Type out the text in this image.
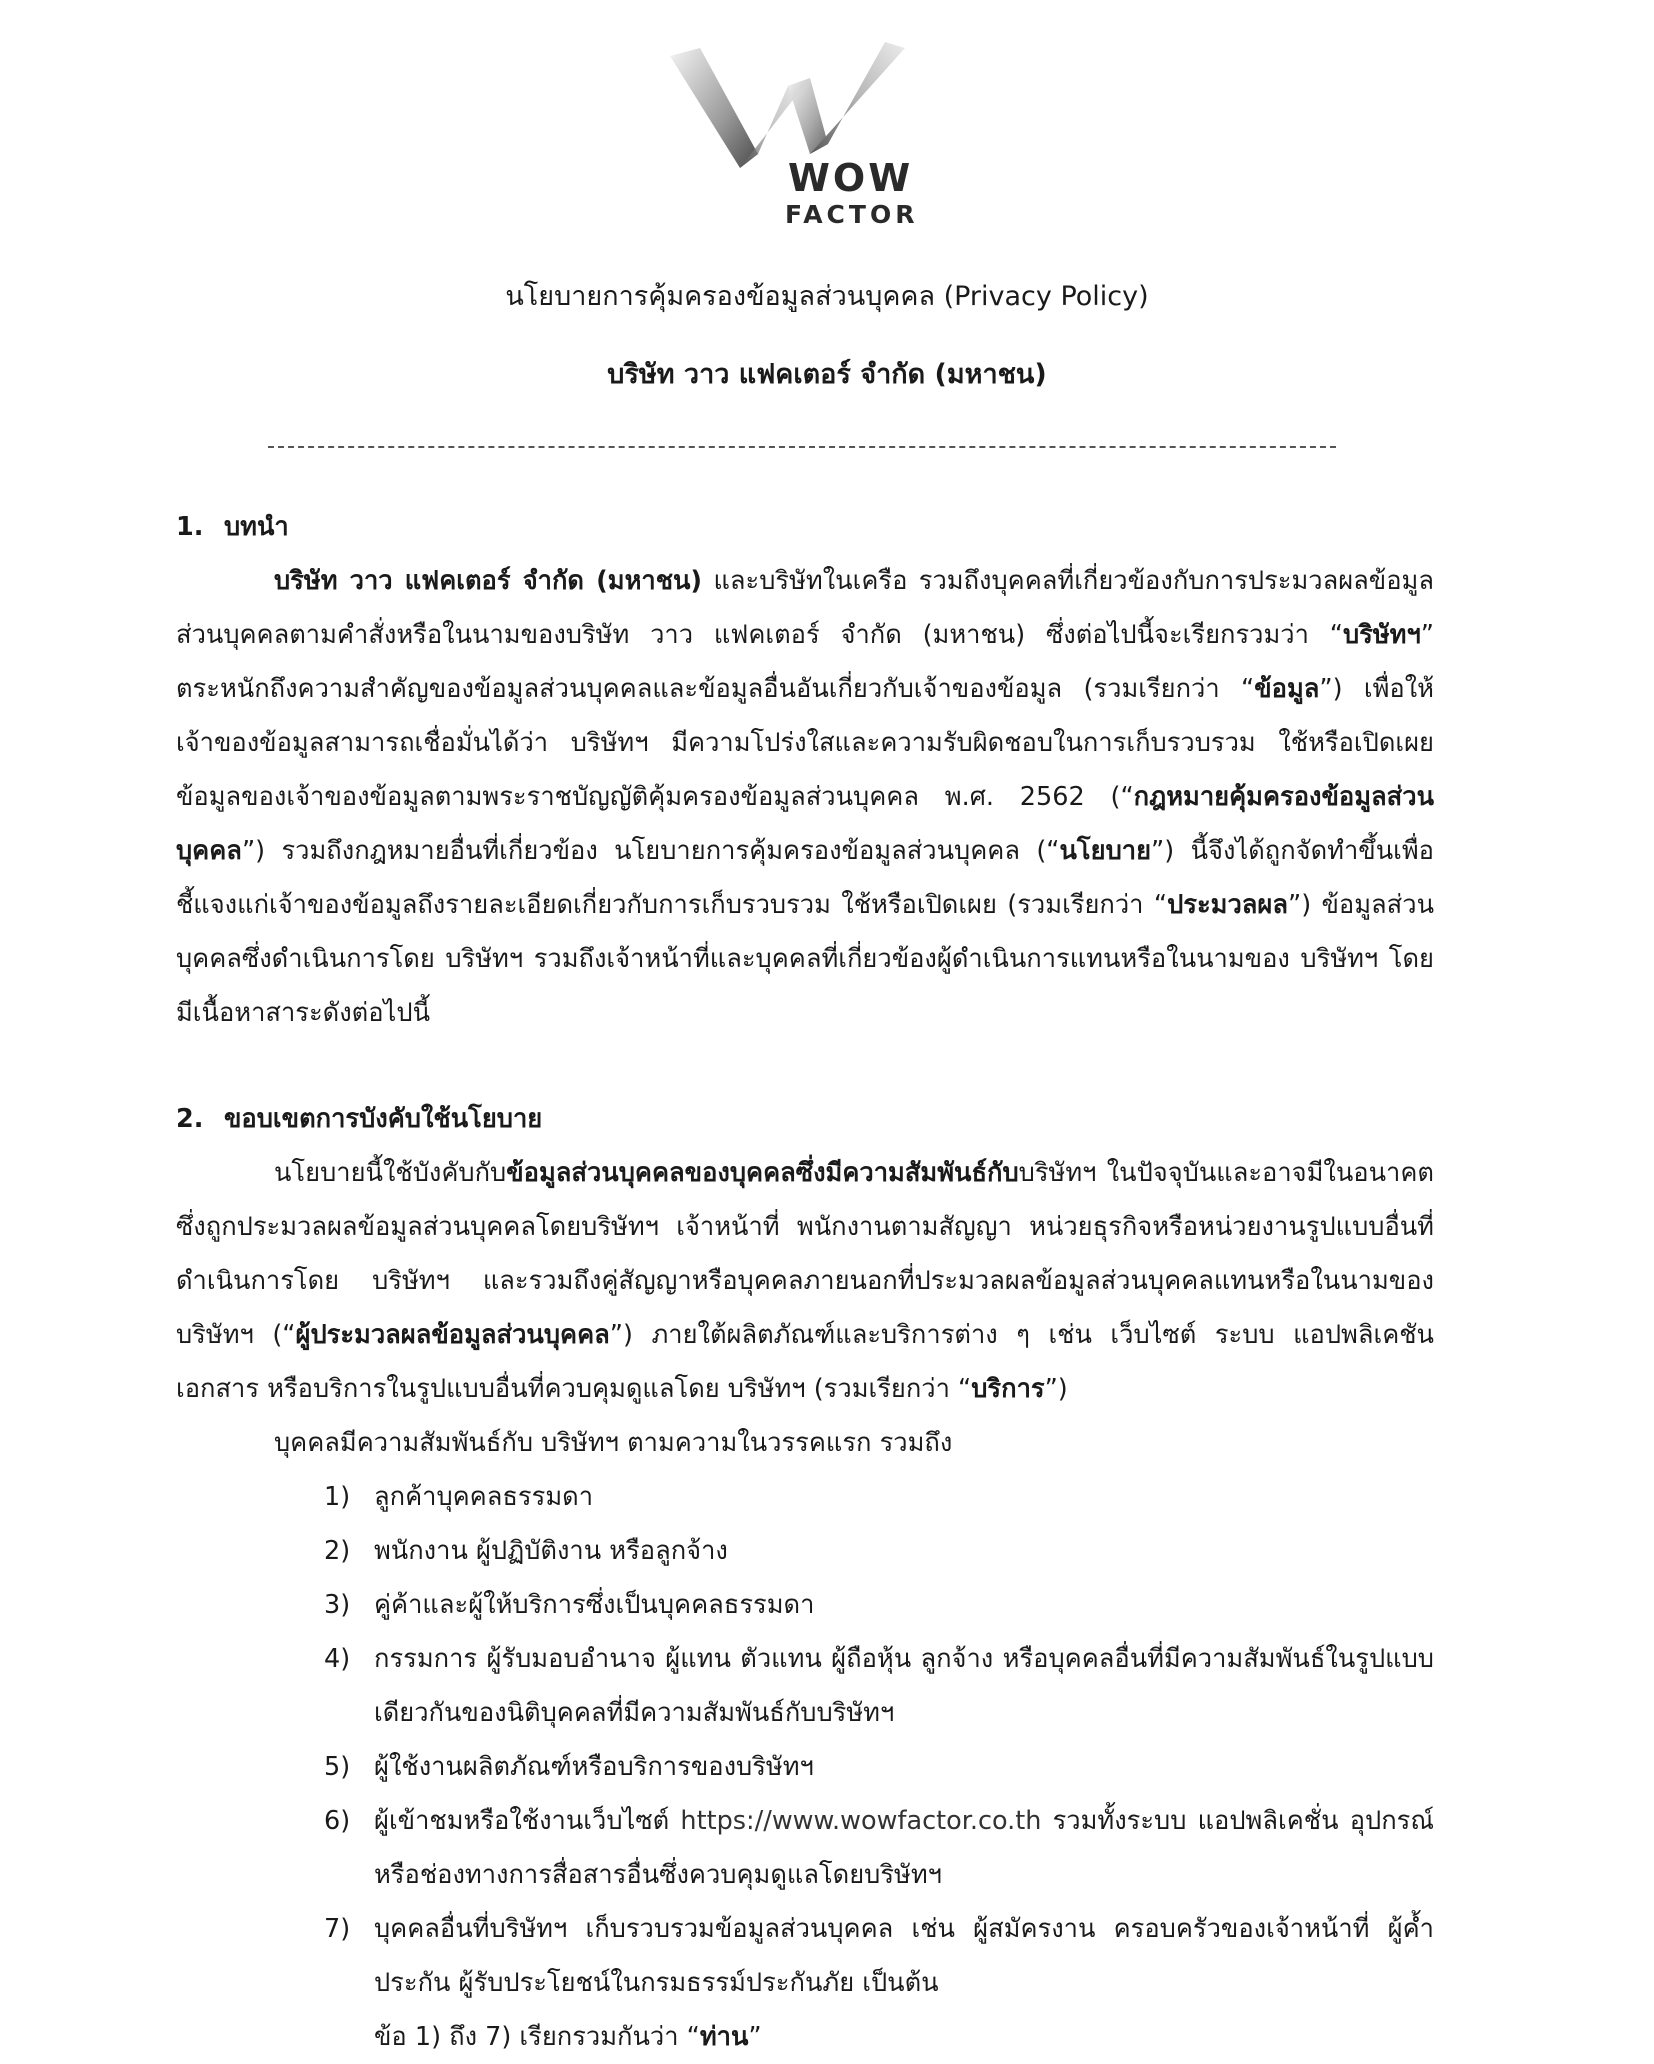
WOW
FACTOR
นโยบายการคุ้มครองข้อมูลส่วนบุคคล (Privacy Policy)
บริษัท วาว แฟคเตอร์ จำกัด (มหาชน)

1. บทนำ

บริษัท วาว แฟคเตอร์ จำกัด (มหาชน) และบริษัทในเครือ รวมถึงบุคคลที่เกี่ยวข้องกับการประมวลผลข้อมูลส่วนบุคคลตามคำสั่งหรือในนามของบริษัท วาว แฟคเตอร์ จำกัด (มหาชน) ซึ่งต่อไปนี้จะเรียกรวมว่า “บริษัทฯ” ตระหนักถึงความสำคัญของข้อมูลส่วนบุคคลและข้อมูลอื่นอันเกี่ยวกับเจ้าของข้อมูล (รวมเรียกว่า “ข้อมูล”) เพื่อให้เจ้าของข้อมูลสามารถเชื่อมั่นได้ว่า บริษัทฯ มีความโปร่งใสและความรับผิดชอบในการเก็บรวบรวม ใช้หรือเปิดเผยข้อมูลของเจ้าของข้อมูลตามพระราชบัญญัติคุ้มครองข้อมูลส่วนบุคคล พ.ศ. 2562 (“กฎหมายคุ้มครองข้อมูลส่วนบุคคล”) รวมถึงกฎหมายอื่นที่เกี่ยวข้อง นโยบายการคุ้มครองข้อมูลส่วนบุคคล (“นโยบาย”) นี้จึงได้ถูกจัดทำขึ้นเพื่อชี้แจงแก่เจ้าของข้อมูลถึงรายละเอียดเกี่ยวกับการเก็บรวบรวม ใช้หรือเปิดเผย (รวมเรียกว่า “ประมวลผล”) ข้อมูลส่วนบุคคลซึ่งดำเนินการโดย บริษัทฯ รวมถึงเจ้าหน้าที่และบุคคลที่เกี่ยวข้องผู้ดำเนินการแทนหรือในนามของ บริษัทฯ โดยมีเนื้อหาสาระดังต่อไปนี้

2. ขอบเขตการบังคับใช้นโยบาย

นโยบายนี้ใช้บังคับกับข้อมูลส่วนบุคคลของบุคคลซึ่งมีความสัมพันธ์กับบริษัทฯ ในปัจจุบันและอาจมีในอนาคต ซึ่งถูกประมวลผลข้อมูลส่วนบุคคลโดยบริษัทฯ เจ้าหน้าที่ พนักงานตามสัญญา หน่วยธุรกิจหรือหน่วยงานรูปแบบอื่นที่ดำเนินการโดย บริษัทฯ และรวมถึงคู่สัญญาหรือบุคคลภายนอกที่ประมวลผลข้อมูลส่วนบุคคลแทนหรือในนามของ บริษัทฯ (“ผู้ประมวลผลข้อมูลส่วนบุคคล”) ภายใต้ผลิตภัณฑ์และบริการต่าง ๆ เช่น เว็บไซต์ ระบบ แอปพลิเคชัน เอกสาร หรือบริการในรูปแบบอื่นที่ควบคุมดูแลโดย บริษัทฯ (รวมเรียกว่า “บริการ”)

บุคคลมีความสัมพันธ์กับ บริษัทฯ ตามความในวรรคแรก รวมถึง

1) ลูกค้าบุคคลธรรมดา
2) พนักงาน ผู้ปฏิบัติงาน หรือลูกจ้าง
3) คู่ค้าและผู้ให้บริการซึ่งเป็นบุคคลธรรมดา
4) กรรมการ ผู้รับมอบอำนาจ ผู้แทน ตัวแทน ผู้ถือหุ้น ลูกจ้าง หรือบุคคลอื่นที่มีความสัมพันธ์ในรูปแบบเดียวกันของนิติบุคคลที่มีความสัมพันธ์กับบริษัทฯ
5) ผู้ใช้งานผลิตภัณฑ์หรือบริการของบริษัทฯ
6) ผู้เข้าชมหรือใช้งานเว็บไซต์ https://www.wowfactor.co.th รวมทั้งระบบ แอปพลิเคชั่น อุปกรณ์ หรือช่องทางการสื่อสารอื่นซึ่งควบคุมดูแลโดยบริษัทฯ
7) บุคคลอื่นที่บริษัทฯ เก็บรวบรวมข้อมูลส่วนบุคคล เช่น ผู้สมัครงาน ครอบครัวของเจ้าหน้าที่ ผู้ค้ำประกัน ผู้รับประโยชน์ในกรมธรรม์ประกันภัย เป็นต้น

ข้อ 1) ถึง 7) เรียกรวมกันว่า “ท่าน”
